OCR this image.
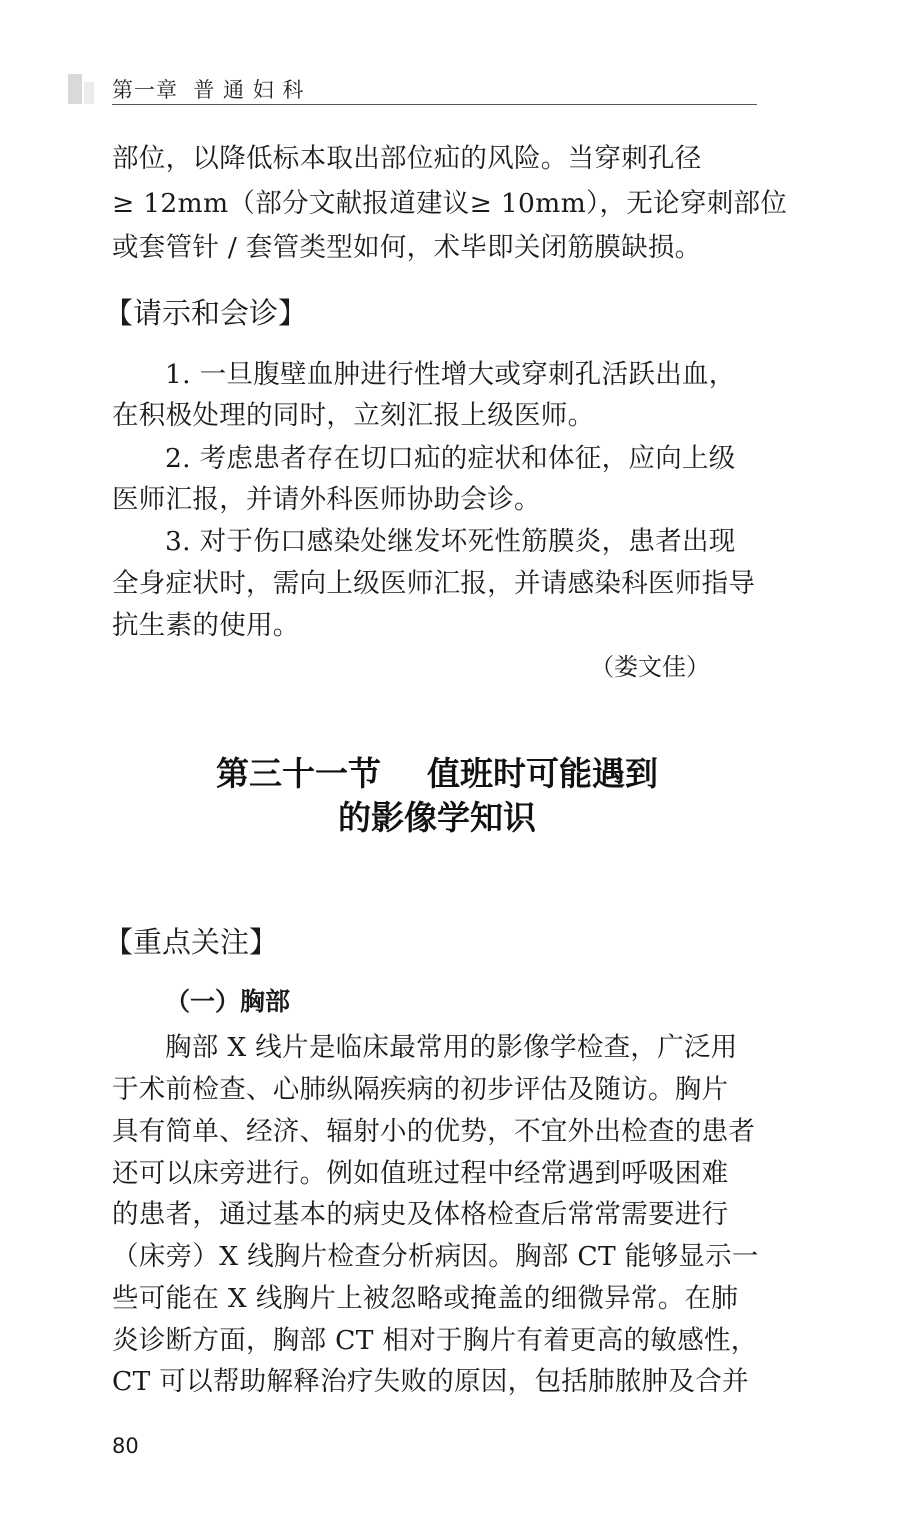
第一章  普 通 妇 科
部位，以降低标本取出部位疝的风险。当穿刺孔径
≥ 12mm（部分文献报道建议≥ 10mm），无论穿刺部位
或套管针 / 套管类型如何，术毕即关闭筋膜缺损。
【请示和会诊】
1. 一旦腹壁血肿进行性增大或穿刺孔活跃出血，
在积极处理的同时，立刻汇报上级医师。
2. 考虑患者存在切口疝的症状和体征，应向上级
医师汇报，并请外科医师协助会诊。
3. 对于伤口感染处继发坏死性筋膜炎，患者出现
全身症状时，需向上级医师汇报，并请感染科医师指导
抗生素的使用。
（娄文佳）
第三十一节    值班时可能遇到
的影像学知识
【重点关注】
（一）胸部
胸部 X 线片是临床最常用的影像学检查，广泛用
于术前检查、心肺纵隔疾病的初步评估及随访。胸片
具有简单、经济、辐射小的优势，不宜外出检查的患者
还可以床旁进行。例如值班过程中经常遇到呼吸困难
的患者，通过基本的病史及体格检查后常常需要进行
（床旁）X 线胸片检查分析病因。胸部 CT 能够显示一
些可能在 X 线胸片上被忽略或掩盖的细微异常。在肺
炎诊断方面，胸部 CT 相对于胸片有着更高的敏感性，
CT 可以帮助解释治疗失败的原因，包括肺脓肿及合并
80
